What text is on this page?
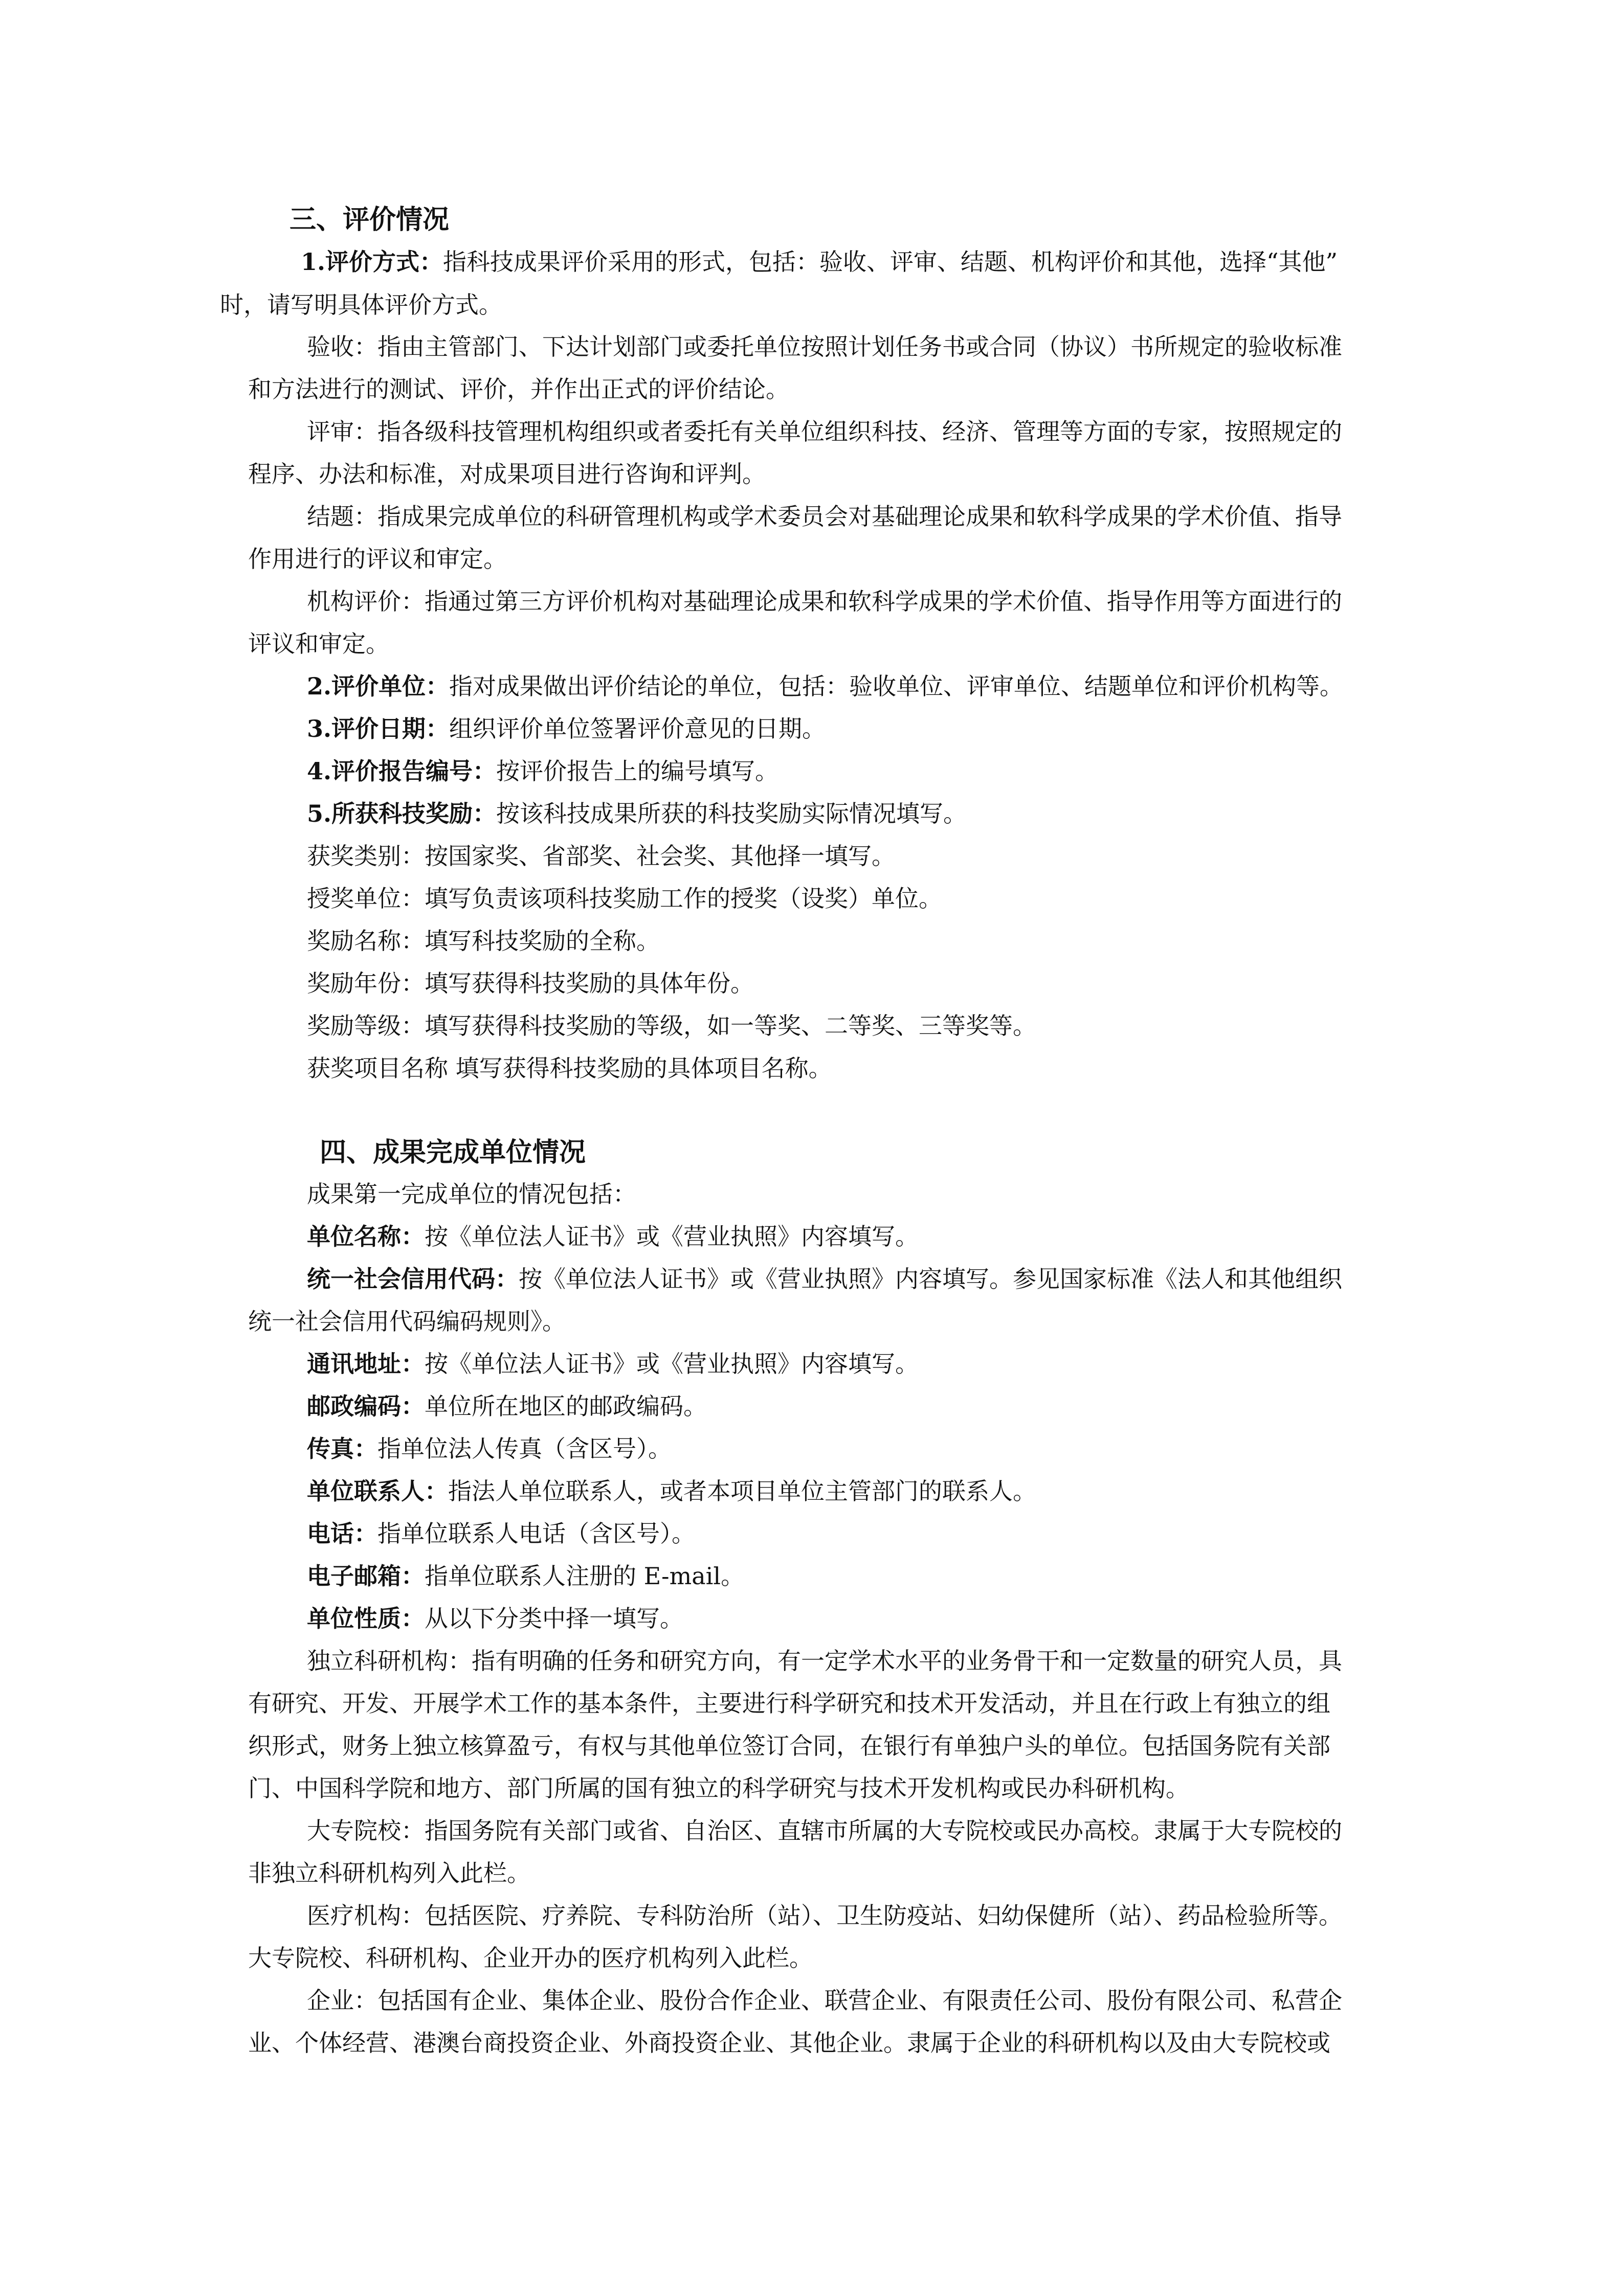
三、评价情况

1.评价方式：指科技成果评价采用的形式，包括：验收、评审、结题、机构评价和其他，选择“其他”

时，请写明具体评价方式。

验收：指由主管部门、下达计划部门或委托单位按照计划任务书或合同（协议）书所规定的验收标准

和方法进行的测试、评价，并作出正式的评价结论。

评审：指各级科技管理机构组织或者委托有关单位组织科技、经济、管理等方面的专家，按照规定的

程序、办法和标准，对成果项目进行咨询和评判。

结题：指成果完成单位的科研管理机构或学术委员会对基础理论成果和软科学成果的学术价值、指导

作用进行的评议和审定。

机构评价：指通过第三方评价机构对基础理论成果和软科学成果的学术价值、指导作用等方面进行的

评议和审定。

2.评价单位：指对成果做出评价结论的单位，包括：验收单位、评审单位、结题单位和评价机构等。

3.评价日期：组织评价单位签署评价意见的日期。

4.评价报告编号：按评价报告上的编号填写。

5.所获科技奖励：按该科技成果所获的科技奖励实际情况填写。

获奖类别：按国家奖、省部奖、社会奖、其他择一填写。

授奖单位：填写负责该项科技奖励工作的授奖（设奖）单位。

奖励名称：填写科技奖励的全称。

奖励年份：填写获得科技奖励的具体年份。

奖励等级：填写获得科技奖励的等级，如一等奖、二等奖、三等奖等。

获奖项目名称 填写获得科技奖励的具体项目名称。

四、成果完成单位情况

成果第一完成单位的情况包括：

单位名称：按《单位法人证书》或《营业执照》内容填写。

统一社会信用代码：按《单位法人证书》或《营业执照》内容填写。参见国家标准《法人和其他组织

统一社会信用代码编码规则》。

通讯地址：按《单位法人证书》或《营业执照》内容填写。

邮政编码：单位所在地区的邮政编码。

传真：指单位法人传真（含区号）。

单位联系人：指法人单位联系人，或者本项目单位主管部门的联系人。

电话：指单位联系人电话（含区号）。

电子邮箱：指单位联系人注册的 E-mail。

单位性质：从以下分类中择一填写。

独立科研机构：指有明确的任务和研究方向，有一定学术水平的业务骨干和一定数量的研究人员，具

有研究、开发、开展学术工作的基本条件，主要进行科学研究和技术开发活动，并且在行政上有独立的组

织形式，财务上独立核算盈亏，有权与其他单位签订合同，在银行有单独户头的单位。包括国务院有关部

门、中国科学院和地方、部门所属的国有独立的科学研究与技术开发机构或民办科研机构。

大专院校：指国务院有关部门或省、自治区、直辖市所属的大专院校或民办高校。隶属于大专院校的

非独立科研机构列入此栏。

医疗机构：包括医院、疗养院、专科防治所（站）、卫生防疫站、妇幼保健所（站）、药品检验所等。

大专院校、科研机构、企业开办的医疗机构列入此栏。

企业：包括国有企业、集体企业、股份合作企业、联营企业、有限责任公司、股份有限公司、私营企

业、个体经营、港澳台商投资企业、外商投资企业、其他企业。隶属于企业的科研机构以及由大专院校或
